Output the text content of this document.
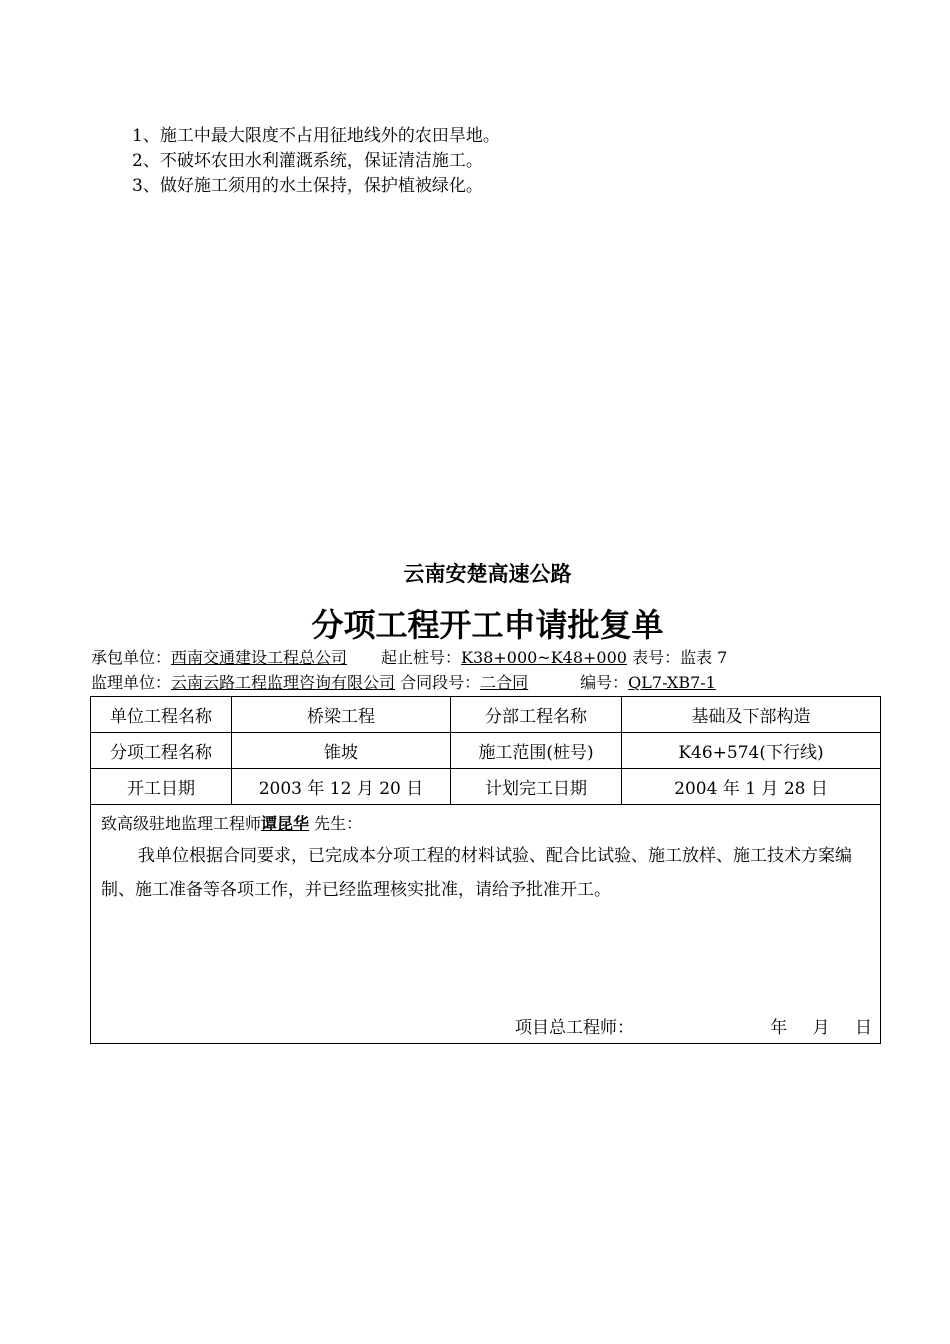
1、施工中最大限度不占用征地线外的农田旱地。
2、不破坏农田水利灌溉系统，保证清洁施工。
3、做好施工须用的水土保持，保护植被绿化。
云南安楚高速公路
分项工程开工申请批复单
承包单位：西南交通建设工程总公司 起止桩号：K38+000~K48+000 表号：监表 7
监理单位：云南云路工程监理咨询有限公司 合同段号：二合同	编号：QL7-XB7-1
单位工程名称	桥梁工程	分部工程名称	基础及下部构造
分项工程名称	锥坡	施工范围(桩号)	K46+574(下行线)
开工日期	2003 年 12 月 20 日	计划完工日期	2004 年 1 月 28 日

致高级驻地监理工程师谭昆华 先生：
我单位根据合同要求，已完成本分项工程的材料试验、配合比试验、施工放样、施工技术方案编制、施工准备等各项工作，并已经监理核实批准，请给予批准开工。
项目总工程师： 年 月 日			
